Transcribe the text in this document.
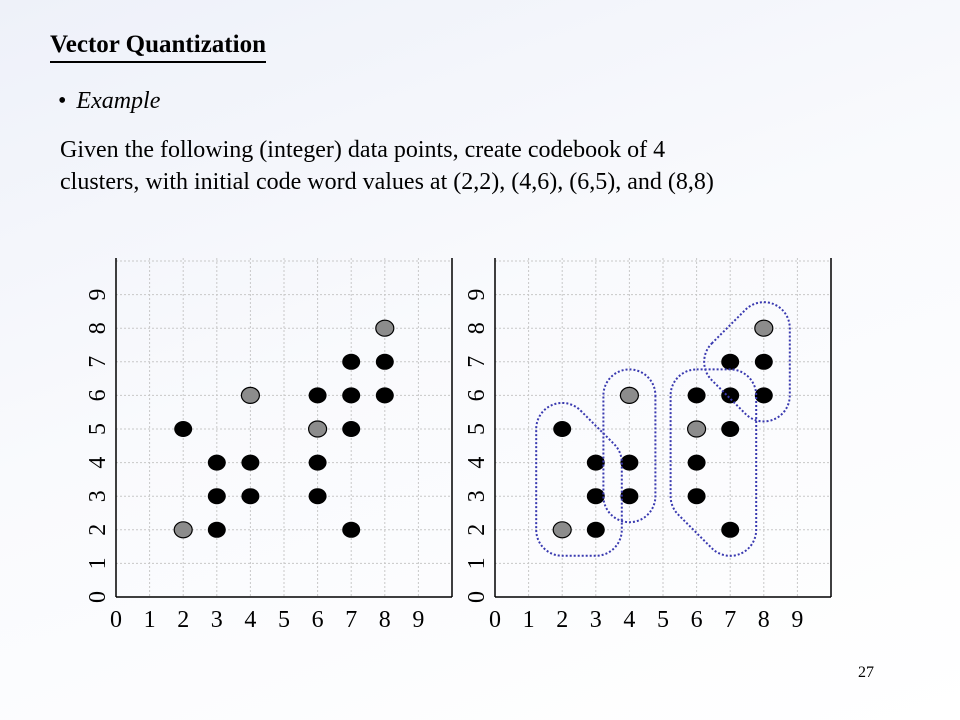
Vector Quantization
• Example
Given the following (integer) data points, create codebook of 4
clusters, with initial code word values at (2,2), (4,6), (6,5), and (8,8)
0 1 2 3 4 5 6 7 8 9
0
1
2
3
4
5
6
7
8
9
0 1 2 3 4 5 6 7 8 9
0
1
2
3
4
5
6
7
8
9
27
